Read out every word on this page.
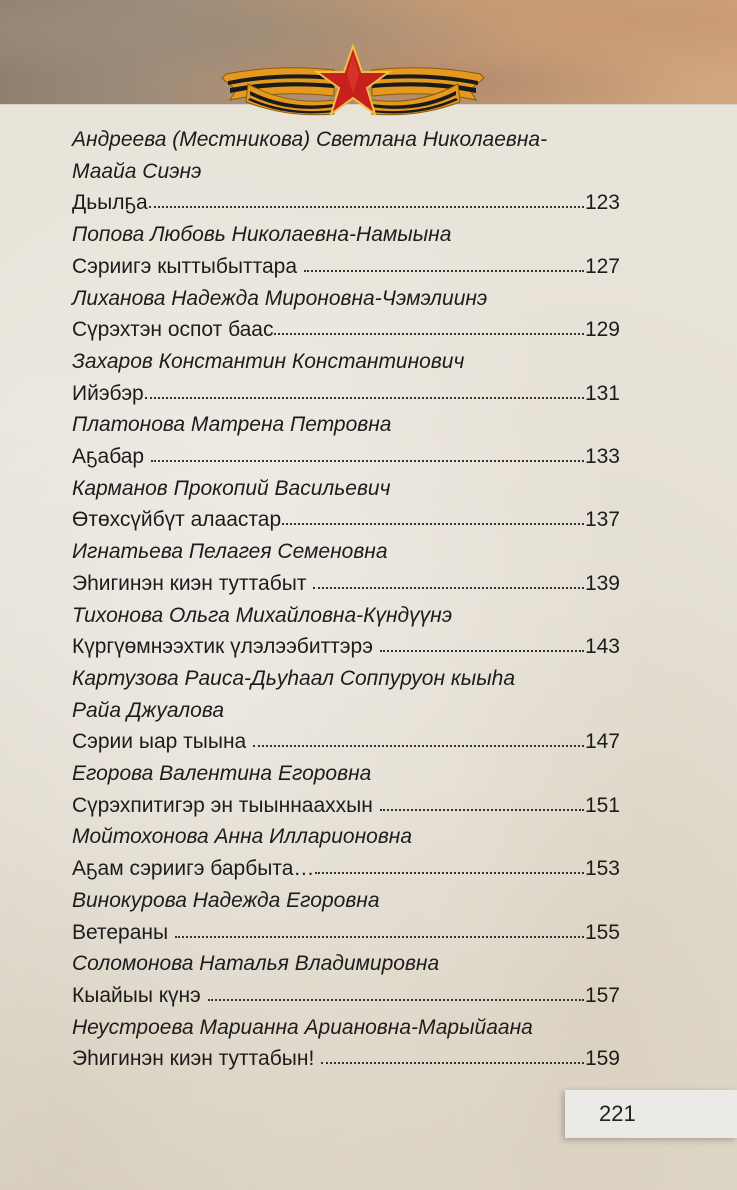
Андреева (Местникова) Светлана Николаевна-
Маайа Сиэнэ
Дьылҕа	123
Попова Любовь Николаевна-Намыына
Сэриигэ кыттыбыттара	127
Лиханова Надежда Мироновна-Чэмэлиинэ
Сүрэхтэн оспот баас	129
Захаров Константин Константинович
Ийэбэр	131
Платонова Матрена Петровна
Аҕабар	133
Карманов Прокопий Васильевич
Өтөхсүйбүт алаастар	137
Игнатьева Пелагея Семеновна
Эһигинэн киэн туттабыт	139
Тихонова Ольга Михайловна-Күндүүнэ
Күргүөмнээхтик үлэлээбиттэрэ	143
Картузова Раиса-Дьуһаал Соппуруон кыыһа
Райа Джуалова
Сэрии ыар тыына	147
Егорова Валентина Егоровна
Сүрэхпитигэр эн тыыннааххын	151
Мойтохонова Анна Илларионовна
Аҕам сэриигэ барбыта…	153
Винокурова Надежда Егоровна
Ветераны	155
Соломонова Наталья Владимировна
Кыайыы күнэ	157
Неустроева Марианна Ариановна-Марыйаана
Эһигинэн киэн туттабын!	159
221
